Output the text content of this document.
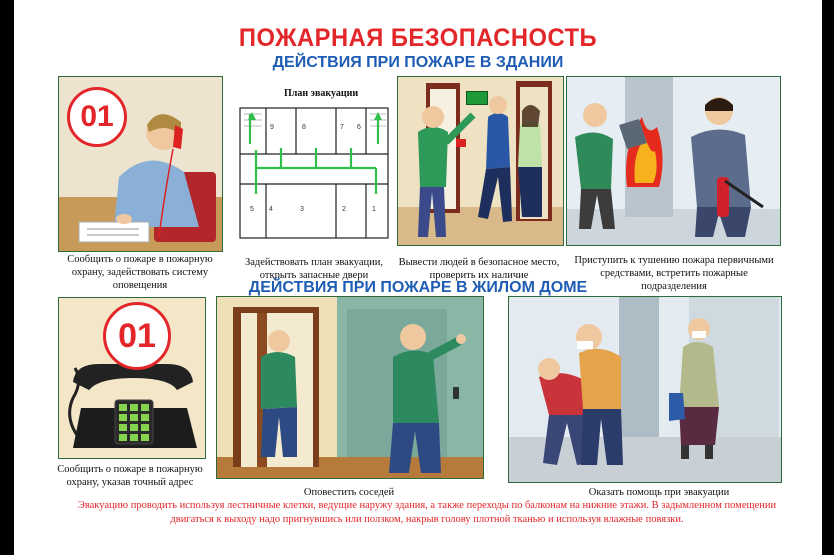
ПОЖАРНАЯ БЕЗОПАСНОСТЬ
ДЕЙСТВИЯ ПРИ ПОЖАРЕ В ЗДАНИИ
01
Сообщить о пожаре в пожарную охрану, задействовать систему оповещения
План эвакуации
9	8	7 6
5 4	3	2	1
Задействовать план эвакуации, открыть запасные двери
Вывести людей в безопасное место, проверить их наличие
Приступить к тушению пожара первичными средствами, встретить пожарные подразделения
ДЕЙСТВИЯ ПРИ ПОЖАРЕ В ЖИЛОМ ДОМЕ
01
Сообщить о пожаре в пожарную охрану, указав точный адрес
Оповестить соседей	Оказать помощь при эвакуации
Эвакуацию проводить используя лестничные клетки, ведущие наружу здания, а также переходы по балконам на нижние этажи. В задымленном помещении двигаться к выходу надо пригнувшись или ползком, накрыв голову плотной тканью и используя влажные повязки.
